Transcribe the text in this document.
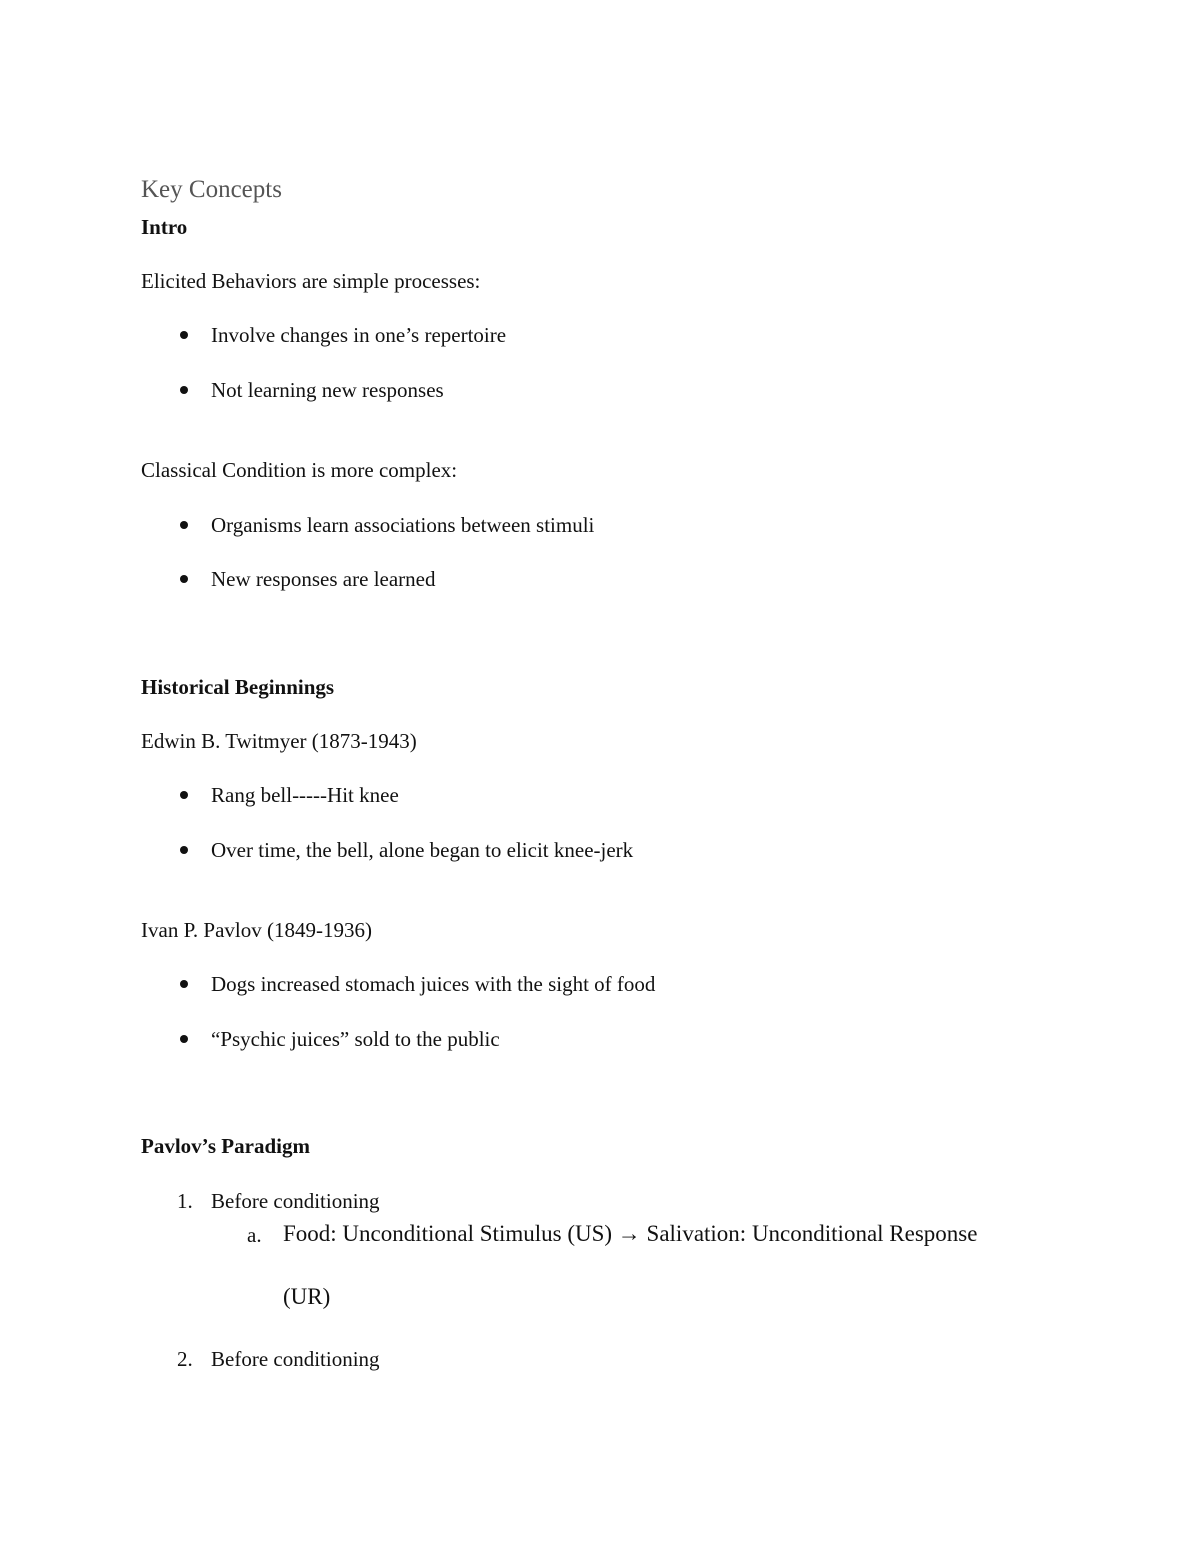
Key Concepts
Intro
Elicited Behaviors are simple processes:
Involve changes in one’s repertoire
Not learning new responses
Classical Condition is more complex:
Organisms learn associations between stimuli
New responses are learned
Historical Beginnings
Edwin B. Twitmyer (1873-1943)
Rang bell-----Hit knee
Over time, the bell, alone began to elicit knee-jerk
Ivan P. Pavlov (1849-1936)
Dogs increased stomach juices with the sight of food
“Psychic juices” sold to the public
Pavlov’s Paradigm
1. Before conditioning
a. Food: Unconditional Stimulus (US) → Salivation: Unconditional Response
(UR)
2. Before conditioning
